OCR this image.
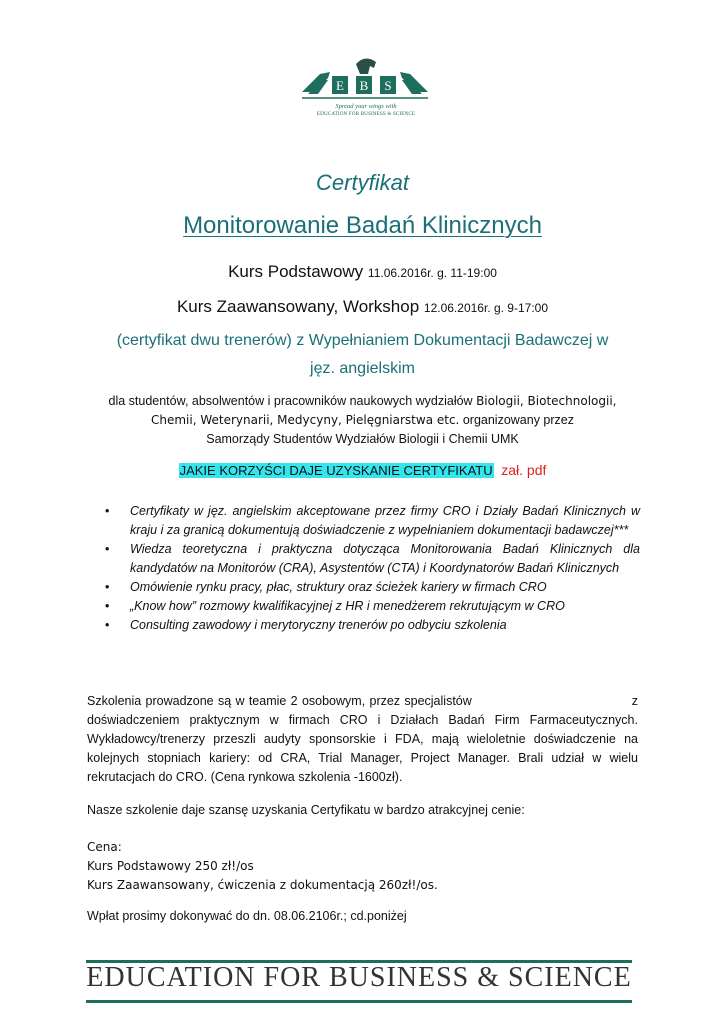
E B S
Spread your wings with
EDUCATION FOR BUSINESS & SCIENCE
Certyfikat
Monitorowanie Badań Klinicznych
Kurs Podstawowy 11.06.2016r. g. 11-19:00
Kurs Zaawansowany, Workshop 12.06.2016r. g. 9-17:00
(certyfikat dwu trenerów) z Wypełnianiem Dokumentacji Badawczej w
jęz. angielskim
dla studentów, absolwentów i pracowników naukowych wydziałów Biologii, Biotechnologii,
Chemii, Weterynarii, Medycyny, Pielęgniarstwa etc. organizowany przez
Samorządy Studentów Wydziałów Biologii i Chemii UMK
JAKIE KORZYŚCI DAJE UZYSKANIE CERTYFIKATU zał. pdf
• Certyfikaty w jęz. angielskim akceptowane przez firmy CRO i Działy Badań Klinicznych w kraju i za granicą dokumentują doświadczenie z wypełnianiem dokumentacji badawczej***
• Wiedza teoretyczna i praktyczna dotycząca Monitorowania Badań Klinicznych dla kandydatów na Monitorów (CRA), Asystentów (CTA) i Koordynatorów Badań Klinicznych
• Omówienie rynku pracy, płac, struktury oraz ścieżek kariery w firmach CRO
• „Know how” rozmowy kwalifikacyjnej z HR i menedżerem rekrutującym w CRO
• Consulting zawodowy i merytoryczny trenerów po odbyciu szkolenia
Szkolenia prowadzone są w teamie 2 osobowym, przez specjalistów                                     z doświadczeniem praktycznym w firmach CRO i Działach Badań Firm Farmaceutycznych. Wykładowcy/trenerzy przeszli audyty sponsorskie i FDA, mają wieloletnie doświadczenie na kolejnych stopniach kariery: od CRA, Trial Manager, Project Manager. Brali udział w wielu rekrutacjach do CRO. (Cena rynkowa szkolenia -1600zł).
Nasze szkolenie daje szansę uzyskania Certyfikatu w bardzo atrakcyjnej cenie:
Cena:
Kurs Podstawowy 250 zł!/os
Kurs Zaawansowany, ćwiczenia z dokumentacją 260zł!/os.
Wpłat prosimy dokonywać do dn. 08.06.2106r.; cd.poniżej
EDUCATION FOR BUSINESS & SCIENCE
